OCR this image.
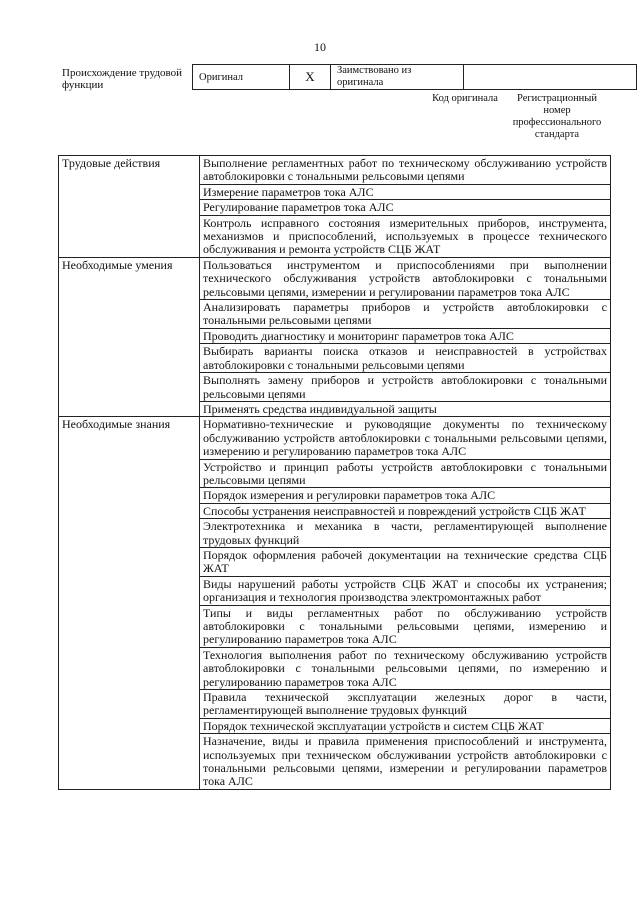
10
Происхождение трудовой функции
Оригинал	X	Заимствовано из оригинала	
Код оригинала	Регистрационный номер профессионального стандарта
Трудовые действия	Выполнение регламентных работ по техническому обслуживанию устройств автоблокировки с тональными рельсовыми цепями
	Измерение параметров тока АЛС
	Регулирование параметров тока АЛС
	Контроль исправного состояния измерительных приборов, инструмента, механизмов и приспособлений, используемых в процессе технического обслуживания и ремонта устройств СЦБ ЖАТ
Необходимые умения	Пользоваться инструментом и приспособлениями при выполнении технического обслуживания устройств автоблокировки с тональными рельсовыми цепями, измерении и регулировании параметров тока АЛС
	Анализировать параметры приборов и устройств автоблокировки с тональными рельсовыми цепями
	Проводить диагностику и мониторинг параметров тока АЛС
	Выбирать варианты поиска отказов и неисправностей в устройствах автоблокировки с тональными рельсовыми цепями
	Выполнять замену приборов и устройств автоблокировки с тональными рельсовыми цепями
	Применять средства индивидуальной защиты
Необходимые знания	Нормативно-технические и руководящие документы по техническому обслуживанию устройств автоблокировки с тональными рельсовыми цепями, измерению и регулированию параметров тока АЛС
	Устройство и принцип работы устройств автоблокировки с тональными рельсовыми цепями
	Порядок измерения и регулировки параметров тока АЛС
	Способы устранения неисправностей и повреждений устройств СЦБ ЖАТ
	Электротехника и механика в части, регламентирующей выполнение трудовых функций
	Порядок оформления рабочей документации на технические средства СЦБ ЖАТ
	Виды нарушений работы устройств СЦБ ЖАТ и способы их устранения; организация и технология производства электромонтажных работ
	Типы и виды регламентных работ по обслуживанию устройств автоблокировки с тональными рельсовыми цепями, измерению и регулированию параметров тока АЛС
	Технология выполнения работ по техническому обслуживанию устройств автоблокировки с тональными рельсовыми цепями, по измерению и регулированию параметров тока АЛС
	Правила технической эксплуатации железных дорог в части, регламентирующей выполнение трудовых функций
	Порядок технической эксплуатации устройств и систем СЦБ ЖАТ
	Назначение, виды и правила применения приспособлений и инструмента, используемых при техническом обслуживании устройств автоблокировки с тональными рельсовыми цепями, измерении и регулировании параметров тока АЛС
